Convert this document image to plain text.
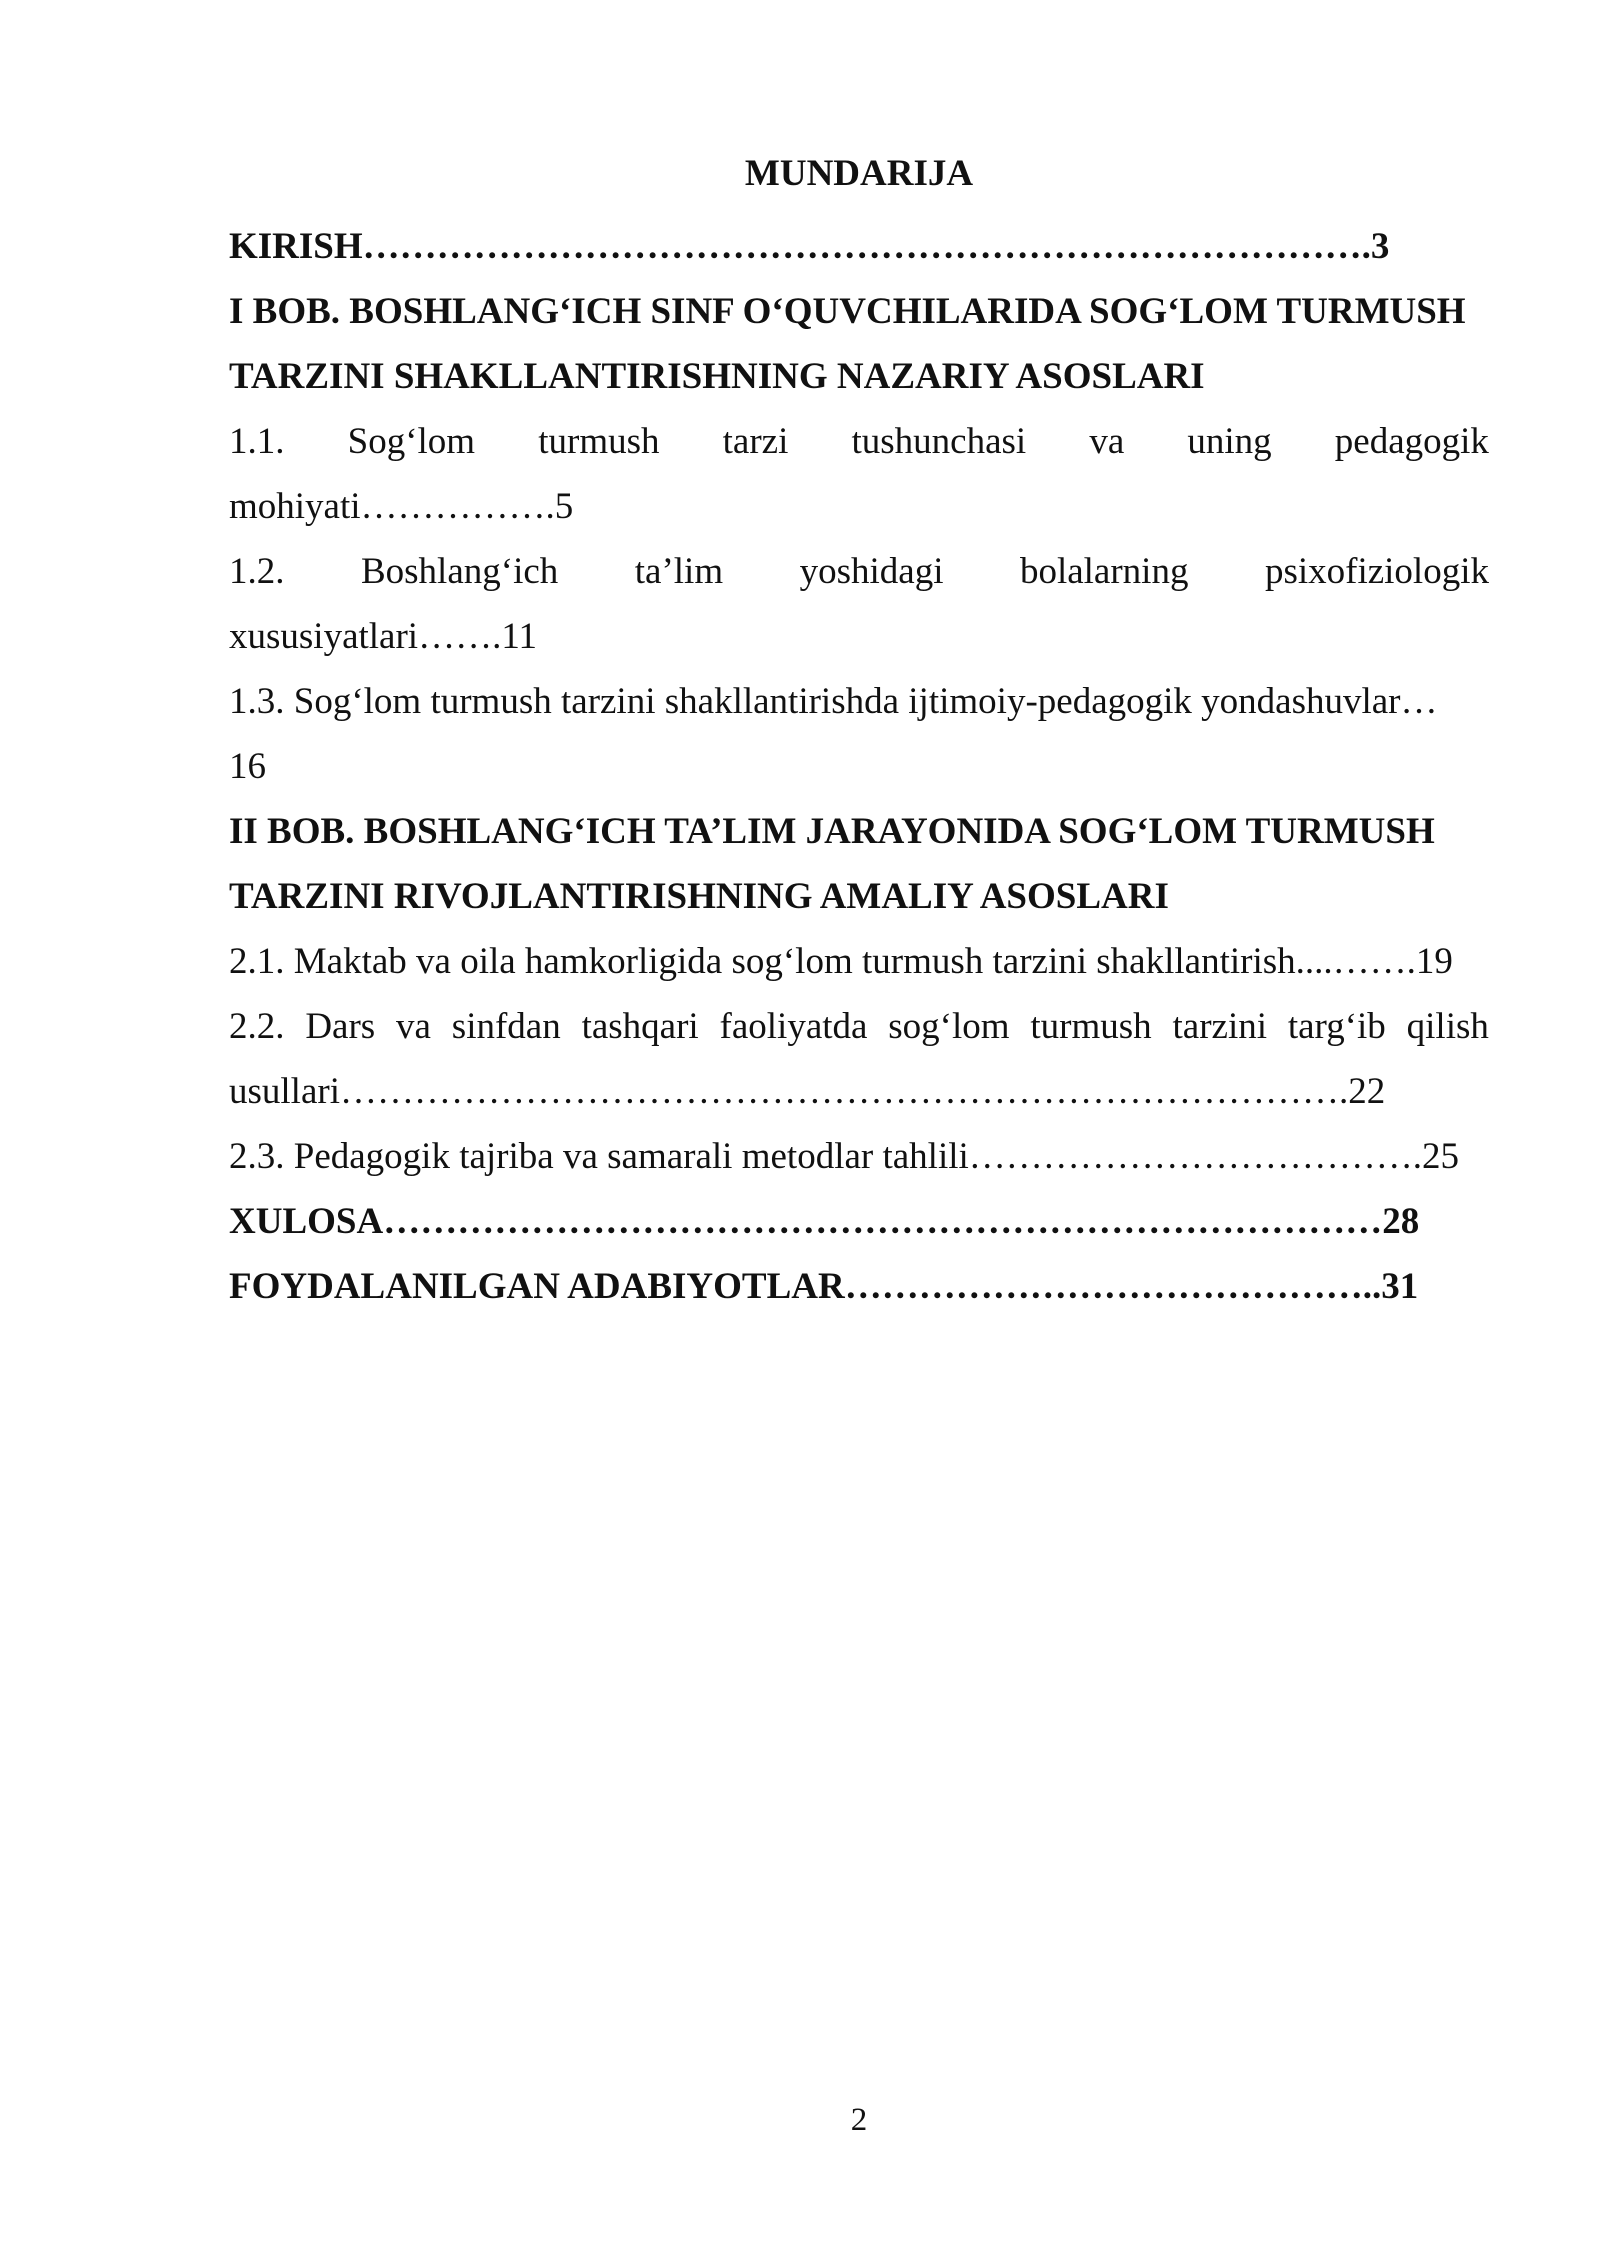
MUNDARIJA
KIRISH……………………………………………………………………….3
I BOB. BOSHLANG‘ICH SINF O‘QUVCHILARIDA SOG‘LOM TURMUSH
TARZINI SHAKLLANTIRISHNING NAZARIY ASOSLARI
1.1. Sog‘lom turmush tarzi tushunchasi va uning pedagogik
mohiyati…………….5
1.2. Boshlang‘ich ta’lim yoshidagi bolalarning psixofiziologik
xususiyatlari…….11
1.3. Sog‘lom turmush tarzini shakllantirishda ijtimoiy-pedagogik yondashuvlar…
16
II BOB. BOSHLANG‘ICH TA’LIM JARAYONIDA SOG‘LOM TURMUSH
TARZINI RIVOJLANTIRISHNING AMALIY ASOSLARI
2.1. Maktab va oila hamkorligida sog‘lom turmush tarzini shakllantirish....…….19
2.2. Dars va sinfdan tashqari faoliyatda sog‘lom turmush tarzini targ‘ib qilish
usullari……………………………………………………………………….22
2.3. Pedagogik tajriba va samarali metodlar tahlili……………………………….25
XULOSA………………………………………………………………………28
FOYDALANILGAN ADABIYOTLAR……………………………………..31
2
